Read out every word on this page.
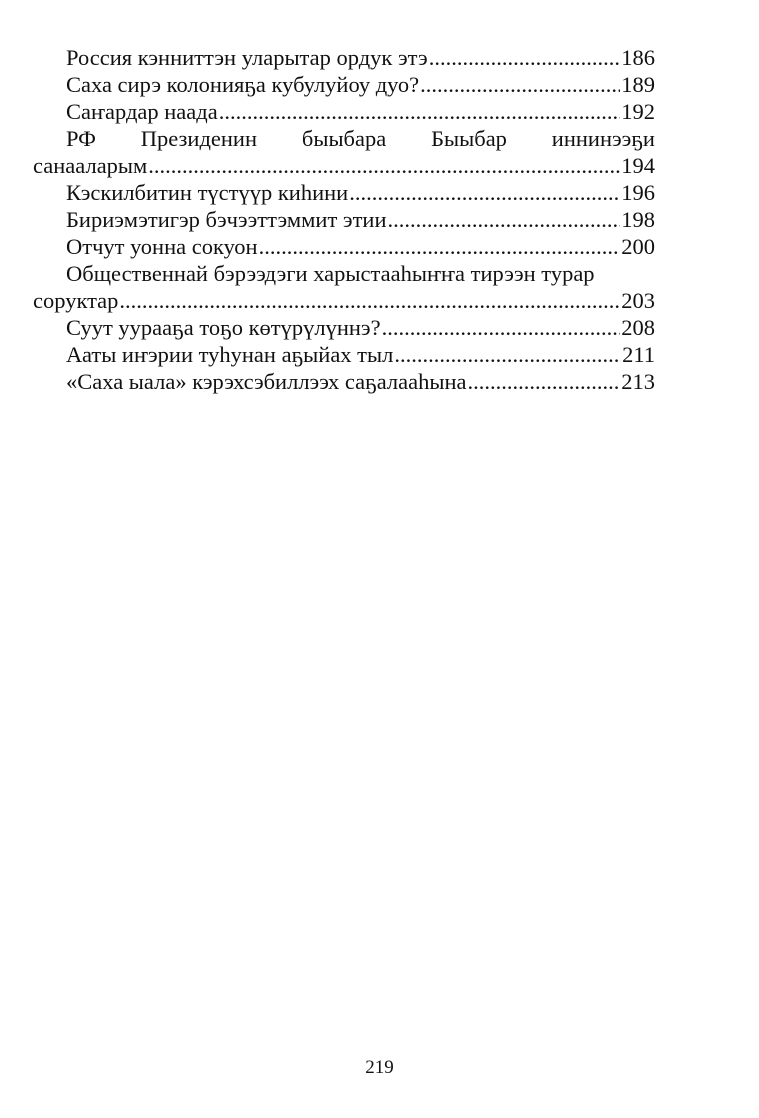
Россия кэнниттэн уларытар ордук этэ .....	186
Саха сирэ колонияҕа кубулуйоу дуо? .....	189
Саҥардар наада .....	192
РФ Президенин быыбара Быыбар иннинээҕи
санааларым .....	194
Кэскилбитин түстүүр киһини .....	196
Бириэмэтигэр бэчээттэммит этии .....	198
Отчут уонна сокуон .....	200
Общественнай бэрээдэги харыстааһыҥҥа тирээн турар
соруктар .....	203
Суут уурааҕа тоҕо көтүрүлүннэ? .....	208
Ааты иҥэрии туһунан аҕыйах тыл .....	211
«Саха ыала» кэрэхсэбиллээх саҕалааһына .....	213
219
